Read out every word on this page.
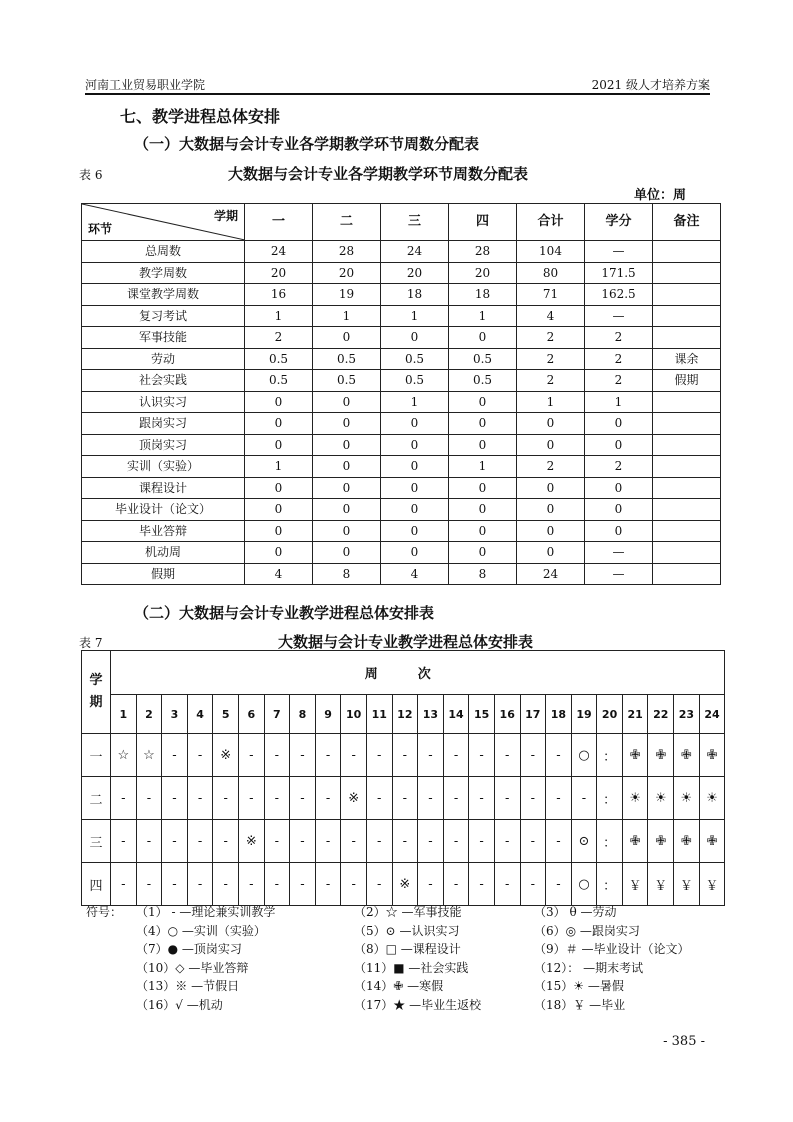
河南工业贸易职业学院	2021 级人才培养方案
七、教学进程总体安排
（一）大数据与会计专业各学期教学环节周数分配表
表 6	大数据与会计专业各学期教学环节周数分配表
单位：周
学期
环节	一	二	三	四	合计	学分	备注
总周数	24	28	24	28	104	—	
教学周数	20	20	20	20	80	171.5	
课堂教学周数	16	19	18	18	71	162.5	
复习考试	1	1	1	1	4	—	
军事技能	2	0	0	0	2	2	
劳动	0.5	0.5	0.5	0.5	2	2	课余
社会实践	0.5	0.5	0.5	0.5	2	2	假期
认识实习	0	0	1	0	1	1	
跟岗实习	0	0	0	0	0	0	
顶岗实习	0	0	0	0	0	0	
实训（实验）	1	0	0	1	2	2	
课程设计	0	0	0	0	0	0	
毕业设计（论文）	0	0	0	0	0	0	
毕业答辩	0	0	0	0	0	0	
机动周	0	0	0	0	0	—	
假期	4	8	4	8	24	—	
（二）大数据与会计专业教学进程总体安排表
表 7	大数据与会计专业教学进程总体安排表
学
期	周次																							
	1	2	3	4	5	6	7	8	9	10	11	12	13	14	15	16	17	18	19	20	21	22	23	24
一	☆	☆	-	-	※	-	-	-	-	-	-	-	-	-	-	-	-	-	○	：	✙	✙	✙	✙
二	-	-	-	-	-	-	-	-	-	※	-	-	-	-	-	-	-	-	-	：	☀	☀	☀	☀
三	-	-	-	-	-	※	-	-	-	-	-	-	-	-	-	-	-	-	⊙	：	✙	✙	✙	✙
四	-	-	-	-	-	-	-	-	-	-	-	※	-	-	-	-	-	-	○	：	￥	￥	￥	￥
符号： （1） - —理论兼实训教学	（2）☆ —军事技能	（3） θ —劳动
（4）○ —实训（实验）	（5）⊙ —认识实习	（6）◎ —跟岗实习
（7）● —顶岗实习	（8）□ —课程设计	（9）＃ —毕业设计（论文）
（10）◇ —毕业答辩	（11）■ —社会实践	（12）： —期末考试
（13）※ —节假日	（14）✙ —寒假	（15）☀ —暑假
（16）√ —机动	（17）★ —毕业生返校	（18）￥ —毕业
- 385 -
